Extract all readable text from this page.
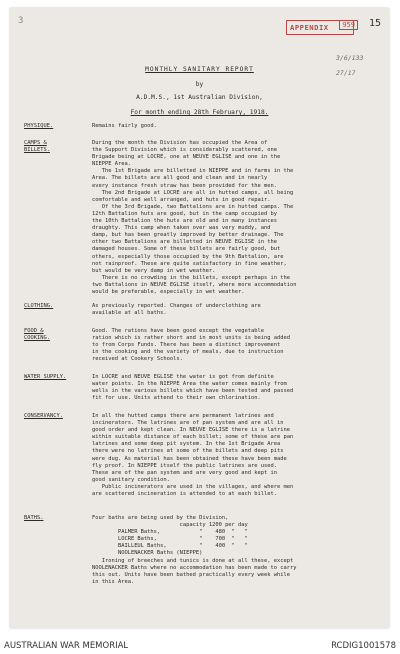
3	15
APPENDIX	959
3/6/133
27/17
MONTHLY SANITARY REPORT
by
A.D.M.S., 1st Australian Division,
For month ending 28th February, 1918.
PHYSIQUE.	Remains fairly good.

CAMPS &
BILLETS.

During the month the Division has occupied the Area of

the Support Division which is considerably scattered, one

Brigade being at LOCRE, one at NEUVE EGLISE and one in the

NIEPPE Area.

The 1st Brigade are billetted in NIEPPE and in farms in the

Area. The billets are all good and clean and in nearly

every instance fresh straw has been provided for the men.

The 2nd Brigade at LOCRE are all in hutted camps, all being

comfortable and well arranged, and huts in good repair.

Of the 3rd Brigade, two Battalions are in hutted camps. The

12th Battalion huts are good, but in the camp occupied by

the 10th Battalion the huts are old and in many instances

draughty. This camp when taken over was very muddy, and

damp, but has been greatly improved by better drainage. The

other two Battalions are billetted in NEUVE EGLISE in the

damaged houses. Some of these billets are fairly good, but

others, especially those occupied by the 9th Battalion, are

not rainproof. These are quite satisfactory in fine weather,

but would be very damp in wet weather.

There is no crowding in the billets, except perhaps in the

two Battalions in NEUVE EGLISE itself, where more accommodation

would be preferable, especially in wet weather.

CLOTHING.	As previously reported. Changes of underclothing are

available at all baths.

FOOD &
COOKING.

Good. The rations have been good except the vegetable

ration which is rather short and in most units is being added

to from Corps Funds. There has been a distinct improvement

in the cooking and the variety of meals, due to instruction

received at Cookery Schools.

WATER SUPPLY.	In LOCRE and NEUVE EGLISE the water is got from definite

water points. In the NIEPPE Area the water comes mainly from

wells in the various billets which have been tested and passed

fit for use. Units attend to their own chlorination.

CONSERVANCY.	In all the hutted camps there are permanent latrines and

incinerators. The latrines are of pan system and are all in

good order and kept clean. In NEUVE EGLISE there is a latrine

within suitable distance of each billet; some of these are pan

latrines and some deep pit system. In the 1st Brigade Area

there were no latrines at some of the billets and deep pits

were dug. As material has been obtained these have been made

fly proof. In NIEPPE itself the public latrines are used.

These are of the pan system and are very good and kept in

good sanitary condition.

Public incinerators are used in the villages, and where men

are scattered incineration is attended to at each billet.

BATHS.	Four baths are being used by the Division,

capacity 1200 per day

PALMER Baths,            "    480  "   "

LOCRE Baths,             "    700  "   "

BAILLEUL Baths,          "    400  "   "

NOOLENACKER Baths (NIEPPE)

Ironing of breeches and tunics is done at all these, except

NOOLENACKER Baths where no accommodation has been made to carry

this out. Units have been bathed practically every week while

in this Area.

AUSTRALIAN WAR MEMORIAL	RCDIG1001578
